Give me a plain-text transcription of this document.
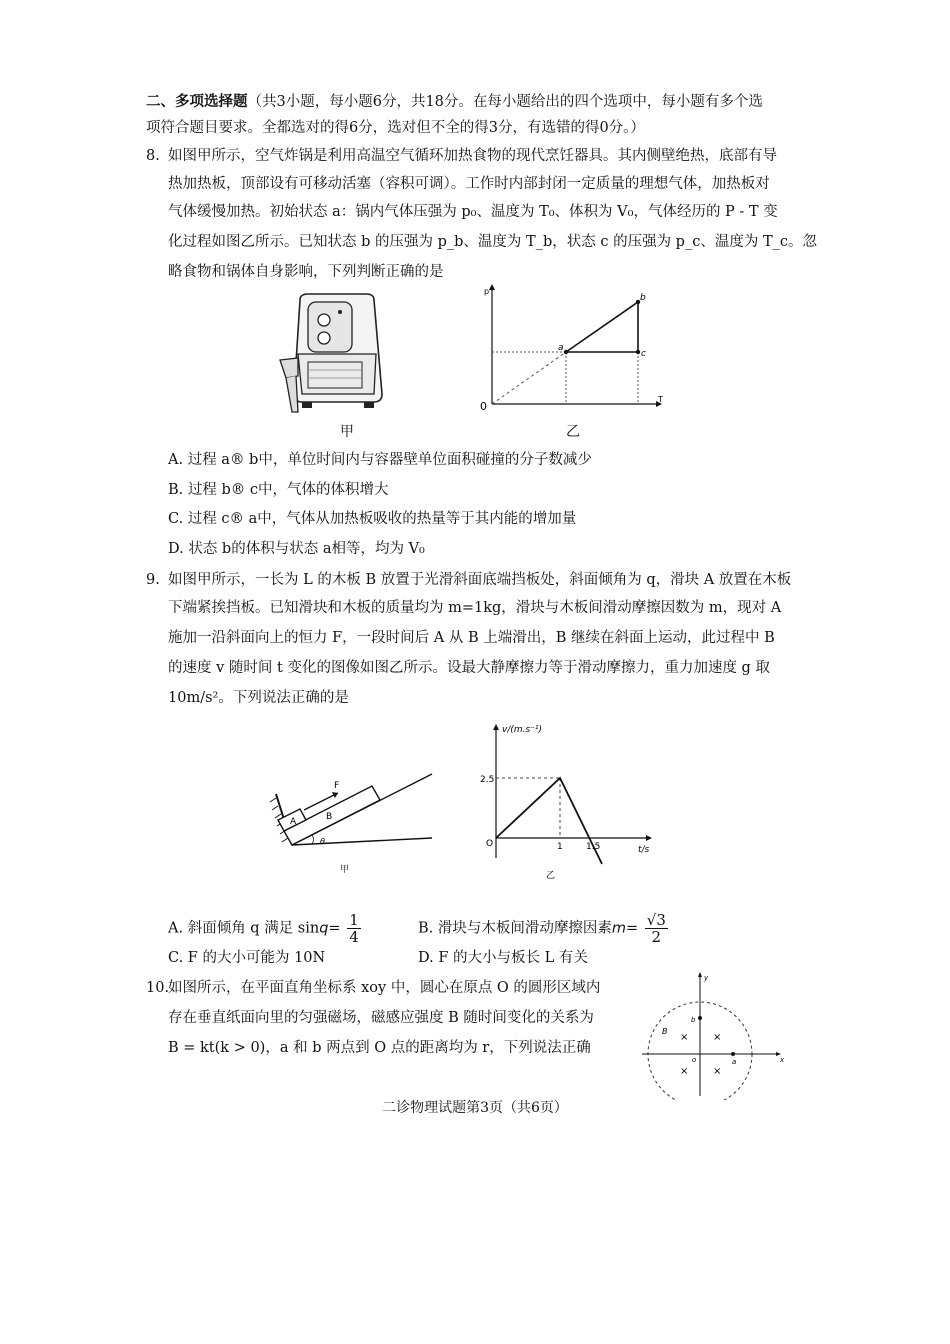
二、多项选择题（共3小题，每小题6分，共18分。在每小题给出的四个选项中，每小题有多个选
项符合题目要求。全都选对的得6分，选对但不全的得3分，有选错的得0分。）
8. 如图甲所示，空气炸锅是利用高温空气循环加热食物的现代烹饪器具。其内侧壁绝热，底部有导
热加热板，顶部设有可移动活塞（容积可调）。工作时内部封闭一定质量的理想气体，加热板对
气体缓慢加热。初始状态 a：锅内气体压强为 p₀、温度为 T₀、体积为 V₀，气体经历的 P - T 变
化过程如图乙所示。已知状态 b 的压强为 p_b、温度为 T_b，状态 c 的压强为 p_c、温度为 T_c。忽
略食物和锅体自身影响，下列判断正确的是
甲
p
T
0
a
b
c
乙
A. 过程 a® b中，单位时间内与容器壁单位面积碰撞的分子数减少
B. 过程 b® c中，气体的体积增大
C. 过程 c® a中，气体从加热板吸收的热量等于其内能的增加量
D. 状态 b的体积与状态 a相等，均为 V₀
9. 如图甲所示，一长为 L 的木板 B 放置于光滑斜面底端挡板处，斜面倾角为 q，滑块 A 放置在木板
下端紧挨挡板。已知滑块和木板的质量均为 m=1kg，滑块与木板间滑动摩擦因数为 m，现对 A
施加一沿斜面向上的恒力 F，一段时间后 A 从 B 上端滑出，B 继续在斜面上运动，此过程中 B
的速度 v 随时间 t 变化的图像如图乙所示。设最大静摩擦力等于滑动摩擦力，重力加速度 g 取
10m/s²。下列说法正确的是
F
A	B
θ
甲
v/(m.s⁻¹)
t/s
O
2.5
1	1.5
乙
A. 斜面倾角 q 满足 $\sin q= \frac{1}{4}$	B. 滑块与木板间滑动摩擦因素$m= \frac{√3}{2}$
C. F 的大小可能为 10N	D. F 的大小与板长 L 有关
10.
如图所示，在平面直角坐标系 xoy 中，圆心在原点 O 的圆形区域内
存在垂直纸面向里的匀强磁场，磁感应强度 B 随时间变化的关系为
B = kt(k > 0)，a 和 b 两点到 O 点的距离均为 r，下列说法正确
y
x
o	a
b
B
× ×
× ×
二诊物理试题第3页（共6页）
